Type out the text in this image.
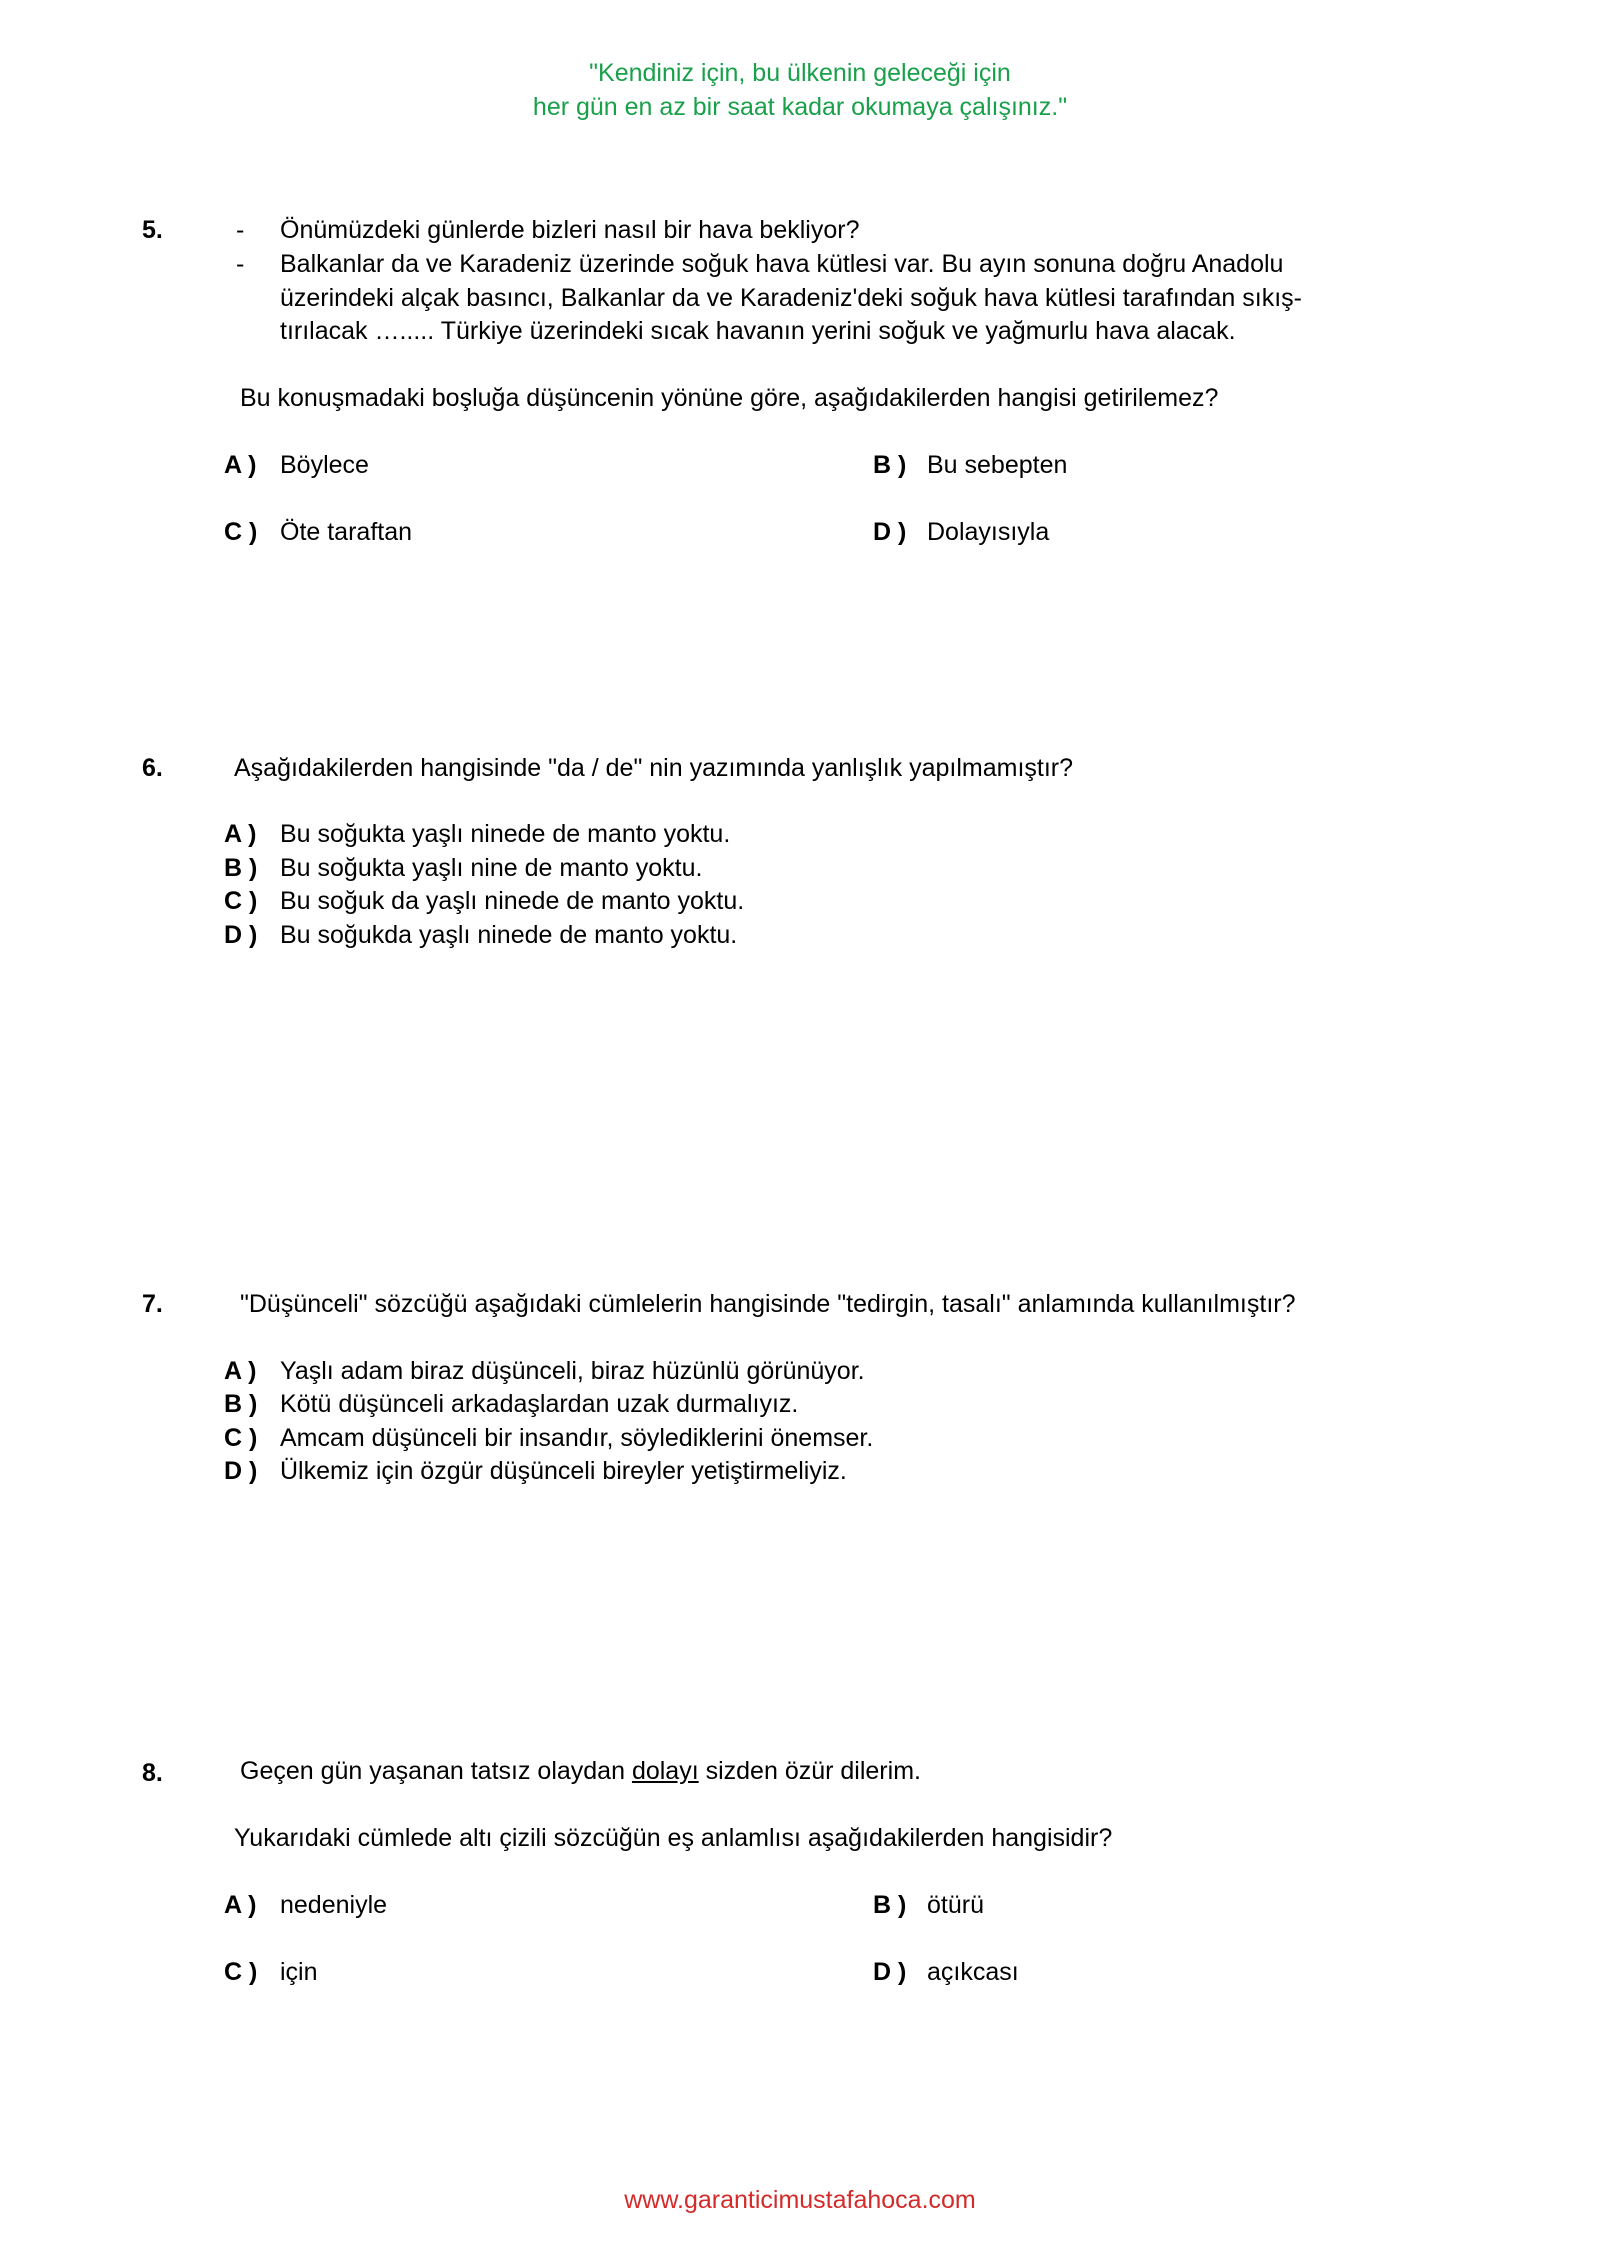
"Kendiniz için, bu ülkenin geleceği için
her gün en az bir saat kadar okumaya çalışınız."
5.	- Önümüzdeki günlerde bizleri nasıl bir hava bekliyor?
- Balkanlar da ve Karadeniz üzerinde soğuk hava kütlesi var. Bu ayın sonuna doğru Anadolu
üzerindeki alçak basıncı, Balkanlar da ve Karadeniz'deki soğuk hava kütlesi tarafından sıkış-
tırılacak …..... Türkiye üzerindeki sıcak havanın yerini soğuk ve yağmurlu hava alacak.
Bu konuşmadaki boşluğa düşüncenin yönüne göre, aşağıdakilerden hangisi getirilemez?
A ) Böylece	B ) Bu sebepten
C ) Öte taraftan	D ) Dolayısıyla
6.	Aşağıdakilerden hangisinde "da / de" nin yazımında yanlışlık yapılmamıştır?
A ) Bu soğukta yaşlı ninede de manto yoktu.
B ) Bu soğukta yaşlı nine de manto yoktu.
C ) Bu soğuk da yaşlı ninede de manto yoktu.
D ) Bu soğukda yaşlı ninede de manto yoktu.
7.	"Düşünceli" sözcüğü aşağıdaki cümlelerin hangisinde "tedirgin, tasalı" anlamında kullanılmıştır?
A ) Yaşlı adam biraz düşünceli, biraz hüzünlü görünüyor.
B ) Kötü düşünceli arkadaşlardan uzak durmalıyız.
C ) Amcam düşünceli bir insandır, söylediklerini önemser.
D ) Ülkemiz için özgür düşünceli bireyler yetiştirmeliyiz.
8.	Geçen gün yaşanan tatsız olaydan dolayı sizden özür dilerim.
Yukarıdaki cümlede altı çizili sözcüğün eş anlamlısı aşağıdakilerden hangisidir?
A ) nedeniyle	B ) ötürü
C ) için	D ) açıkcası
www.garanticimustafahoca.com
